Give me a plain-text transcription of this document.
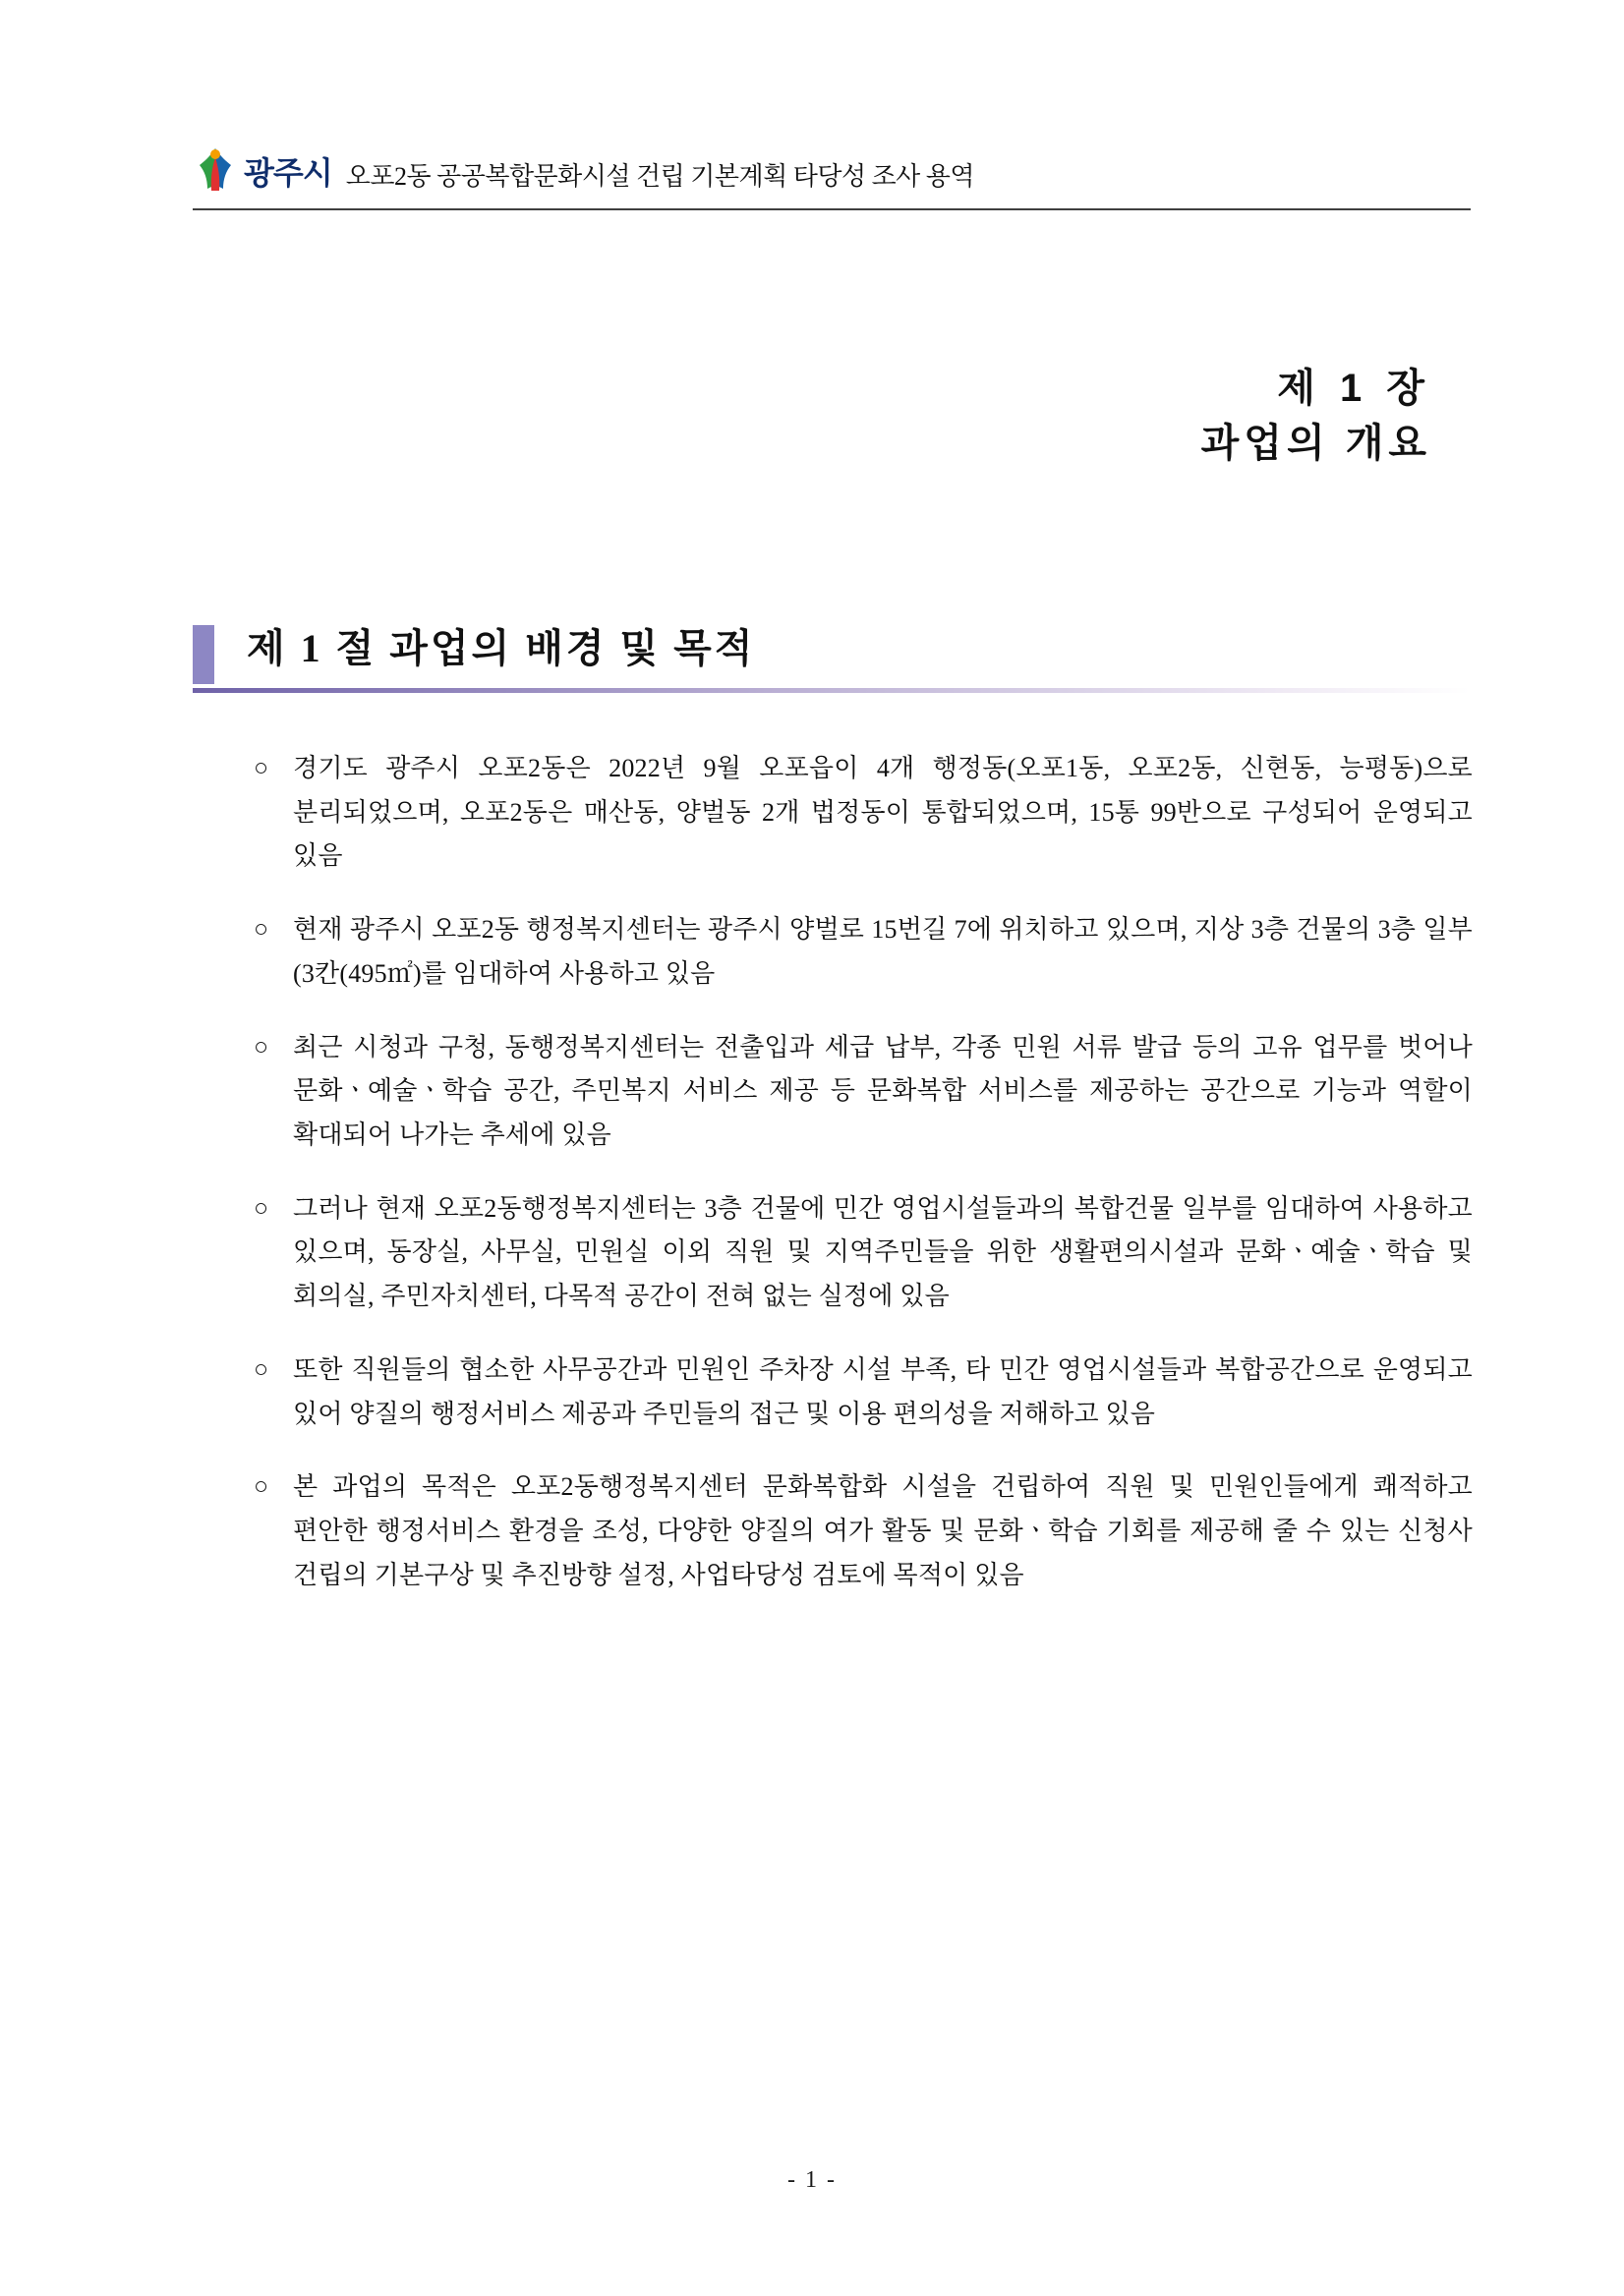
광주시 오포2동 공공복합문화시설 건립 기본계획 타당성 조사 용역
제 1 장
과업의 개요
제 1 절 과업의 배경 및 목적
○ 경기도 광주시 오포2동은 2022년 9월 오포읍이 4개 행정동(오포1동, 오포2동, 신현동, 능평동)으로 분리되었으며, 오포2동은 매산동, 양벌동 2개 법정동이 통합되었으며, 15통 99반으로 구성되어 운영되고 있음
○ 현재 광주시 오포2동 행정복지센터는 광주시 양벌로 15번길 7에 위치하고 있으며, 지상 3층 건물의 3층 일부(3칸(495㎡)를 임대하여 사용하고 있음
○ 최근 시청과 구청, 동행정복지센터는 전출입과 세급 납부, 각종 민원 서류 발급 등의 고유 업무를 벗어나 문화ㆍ예술ㆍ학습 공간, 주민복지 서비스 제공 등 문화복합 서비스를 제공하는 공간으로 기능과 역할이 확대되어 나가는 추세에 있음
○ 그러나 현재 오포2동행정복지센터는 3층 건물에 민간 영업시설들과의 복합건물 일부를 임대하여 사용하고 있으며, 동장실, 사무실, 민원실 이외 직원 및 지역주민들을 위한 생활편의시설과 문화ㆍ예술ㆍ학습 및 회의실, 주민자치센터, 다목적 공간이 전혀 없는 실정에 있음
○ 또한 직원들의 협소한 사무공간과 민원인 주차장 시설 부족, 타 민간 영업시설들과 복합공간으로 운영되고 있어 양질의 행정서비스 제공과 주민들의 접근 및 이용 편의성을 저해하고 있음
○ 본 과업의 목적은 오포2동행정복지센터 문화복합화 시설을 건립하여 직원 및 민원인들에게 쾌적하고 편안한 행정서비스 환경을 조성, 다양한 양질의 여가 활동 및 문화ㆍ학습 기회를 제공해 줄 수 있는 신청사 건립의 기본구상 및 추진방향 설정, 사업타당성 검토에 목적이 있음
- 1 -
